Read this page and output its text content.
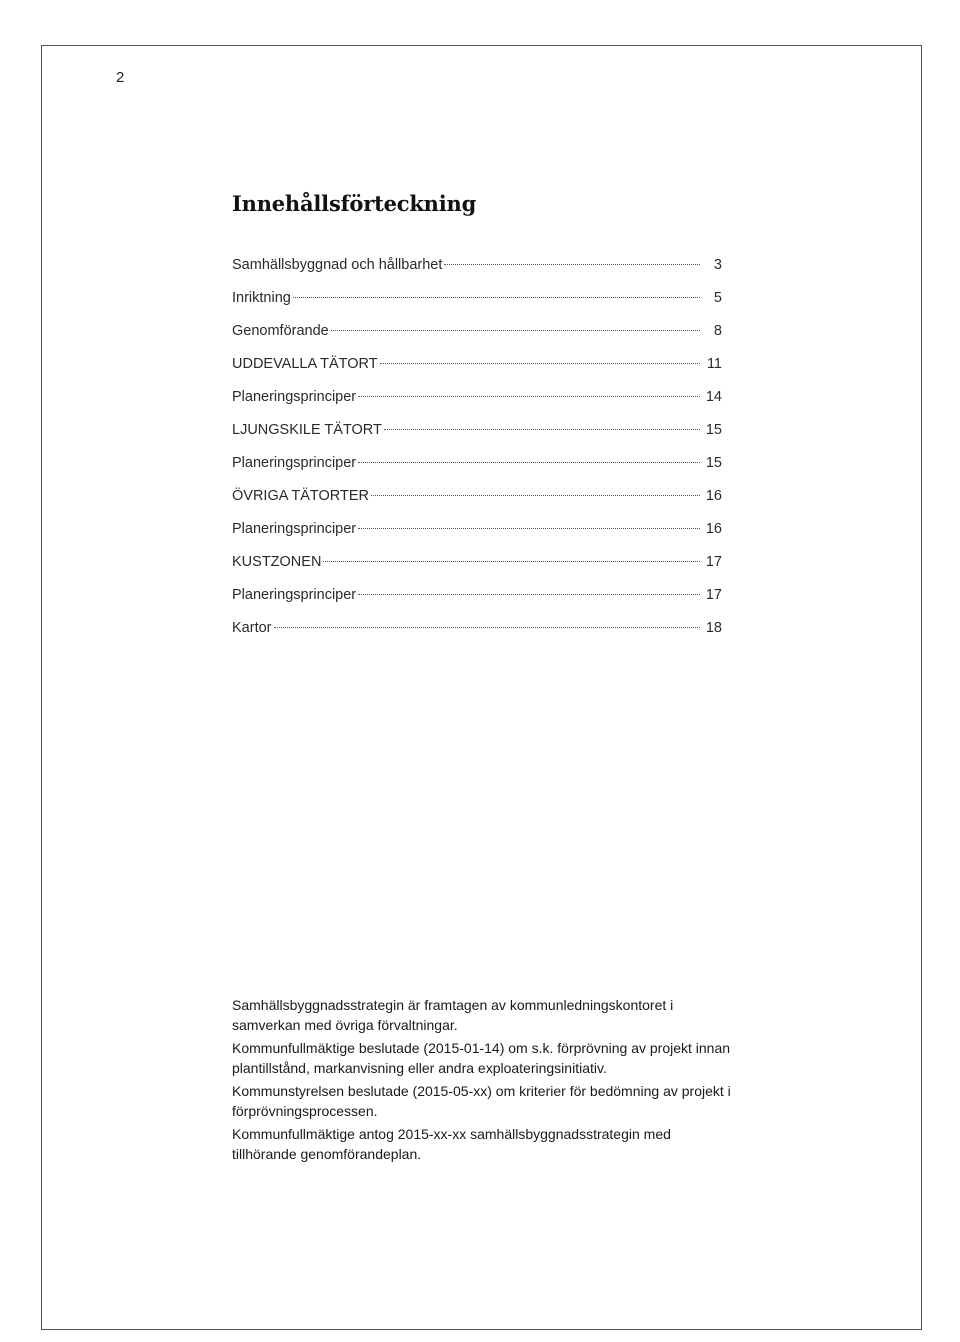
2
Innehållsförteckning
Samhällsbyggnad och hållbarhet	3
Inriktning	5
Genomförande	8
UDDEVALLA TÄTORT	11
Planeringsprinciper	14
LJUNGSKILE TÄTORT	15
Planeringsprinciper	15
ÖVRIGA TÄTORTER	16
Planeringsprinciper	16
KUSTZONEN	17
Planeringsprinciper	17
Kartor	18

Samhällsbyggnadsstrategin är framtagen av kommunledningskontoret i samverkan med övriga förvaltningar.

Kommunfullmäktige beslutade (2015-01-14) om s.k. förprövning av projekt innan plantillstånd, markanvisning eller andra exploateringsinitiativ.

Kommunstyrelsen beslutade (2015-05-xx) om kriterier för bedömning av projekt i förprövningsprocessen.

Kommunfullmäktige antog 2015-xx-xx samhällsbyggnadsstrategin med tillhörande genomförandeplan.
